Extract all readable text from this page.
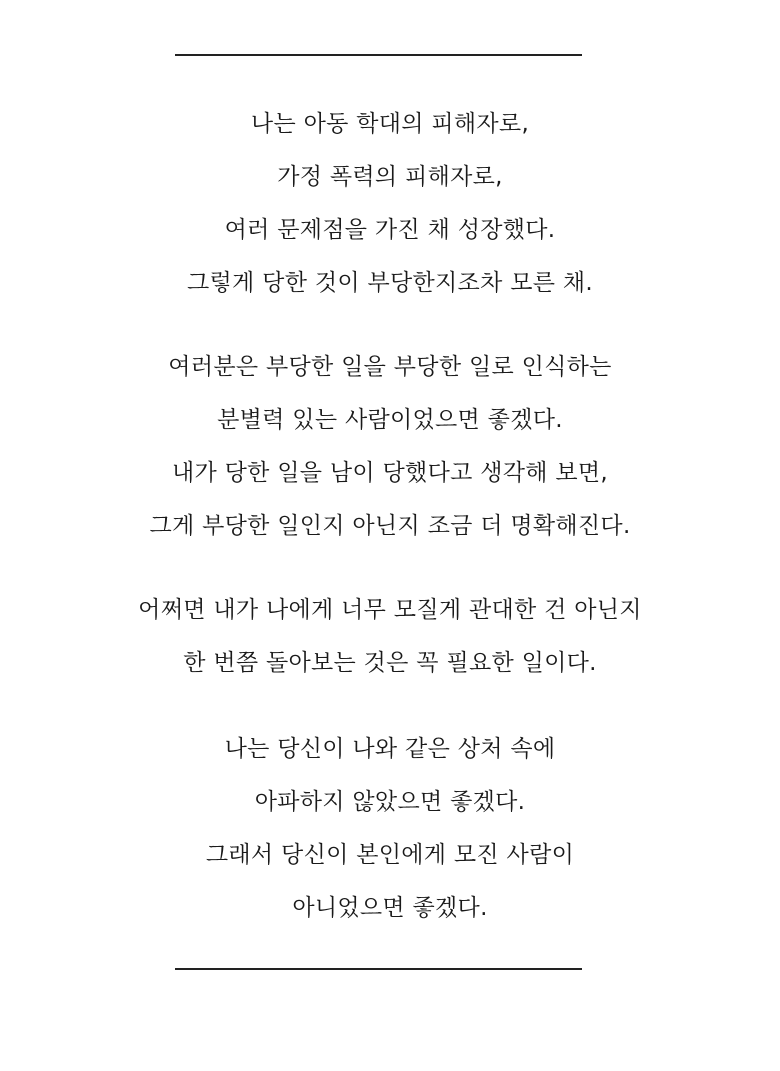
나는 아동 학대의 피해자로,
가정 폭력의 피해자로,
여러 문제점을 가진 채 성장했다.
그렇게 당한 것이 부당한지조차 모른 채.
여러분은 부당한 일을 부당한 일로 인식하는
분별력 있는 사람이었으면 좋겠다.
내가 당한 일을 남이 당했다고 생각해 보면,
그게 부당한 일인지 아닌지 조금 더 명확해진다.
어쩌면 내가 나에게 너무 모질게 관대한 건 아닌지
한 번쯤 돌아보는 것은 꼭 필요한 일이다.
나는 당신이 나와 같은 상처 속에
아파하지 않았으면 좋겠다.
그래서 당신이 본인에게 모진 사람이
아니었으면 좋겠다.
